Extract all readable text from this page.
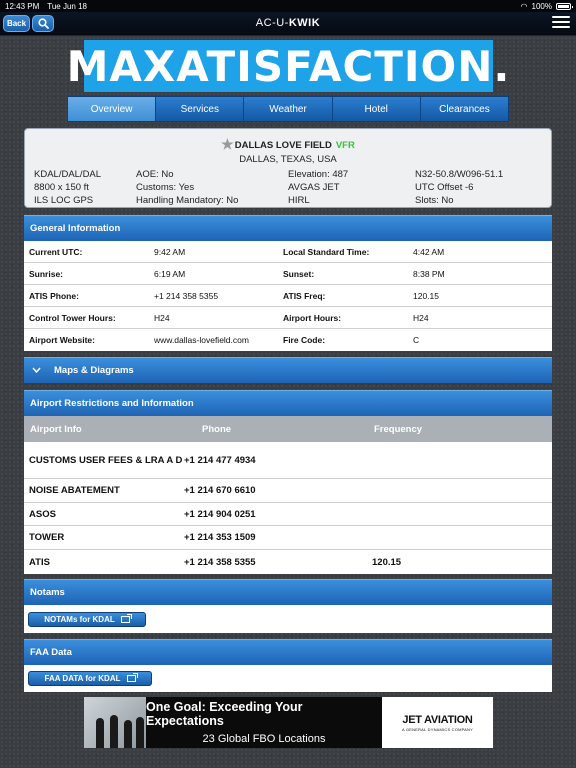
12:43 PM Tue Jun 18	◠ 100%
Back	AC-U-KWIK
MAXATISFACTION.
Overview	Services	Weather	Hotel	Clearances
★DALLAS LOVE FIELD VFR
DALLAS, TEXAS, USA
KDAL/DAL/DAL	AOE: No	Elevation: 487	N32-50.8/W096-51.1
8800 x 150 ft	Customs: Yes	AVGAS JET	UTC Offset -6
ILS LOC GPS	Handling Mandatory: No	HIRL	Slots: No
General Information
Current UTC:	9:42 AM	Local Standard Time:	4:42 AM
Sunrise:	6:19 AM	Sunset:	8:38 PM
ATIS Phone:	+1 214 358 5355	ATIS Freq:	120.15
Control Tower Hours:	H24	Airport Hours:	H24
Airport Website:	www.dallas-lovefield.com	Fire Code:	C
Maps & Diagrams
Airport Restrictions and Information
Airport Info	Phone	Frequency
CUSTOMS USER FEES & LRA A D +1 214 477 4934
NOISE ABATEMENT	+1 214 670 6610
ASOS	+1 214 904 0251
TOWER	+1 214 353 1509
ATIS	+1 214 358 5355	120.15
Notams
NOTAMs for KDAL
FAA Data
FAA DATA for KDAL
One Goal: Exceeding Your Expectations
23 Global FBO Locations
JET AVIATION
A GENERAL DYNAMICS COMPANY
